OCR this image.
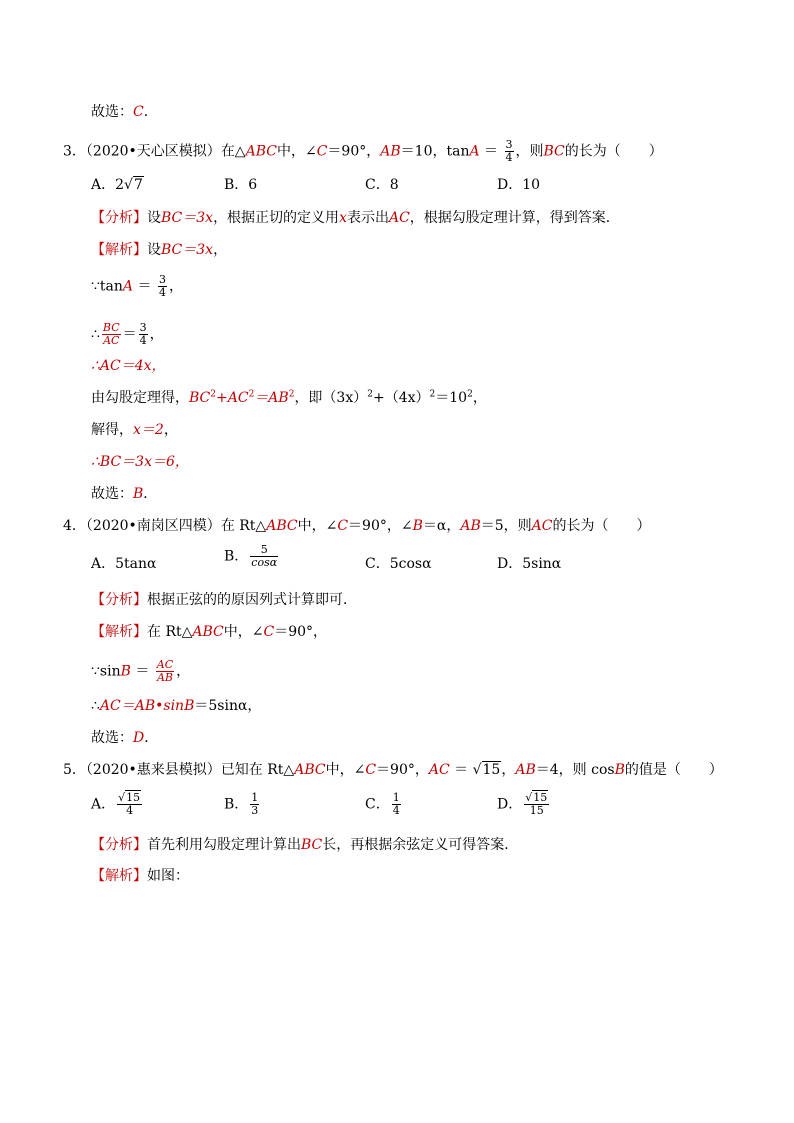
故选：C．
3．（2020•天心区模拟）在△ABC中，∠C＝90°，AB＝10，$\tan A = \frac{3}{4}$ ，则BC的长为（　　）
A．2√7	B．6	C．8	D．10
【分析】设BC＝3x，根据正切的定义用x表示出AC，根据勾股定理计算，得到答案．
【解析】设BC＝3x，
∵tanA ＝ $\frac{3}{4}$ ，
∴ $\frac{BC}{AC} = \frac{3}{4}$ ，
∴AC＝4x，
由勾股定理得，$BC^2+AC^2=AB^2$，即$(3x)^2+(4x)^2=10^2$，
解得，x＝2，
∴BC＝3x＝6，
故选：B．
4．（2020•南岗区四模）在 Rt△ABC中，∠C＝90°，∠B＝α，AB＝5，则AC的长为（　　）
A．5tanα	B． $\frac{5}{\cos\alpha}$	C．5cosα	D．5sinα
【分析】根据正弦的的原因列式计算即可．
【解析】在 Rt△ABC中，∠C＝90°，
∵sinB ＝ $\frac{AC}{AB}$ ，
∴AC＝AB•sinB＝5sinα，
故选：D．
5．（2020•惠来县模拟）已知在 Rt△ABC中，∠C＝90°，AC ＝ √15，AB＝4，则 cosB的值是（　　）
A． $\frac{√15}{4}$	B． $\frac{1}{3}$	C． $\frac{1}{4}$	D． $\frac{√15}{15}$
【分析】首先利用勾股定理计算出BC长，再根据余弦定义可得答案．
【解析】如图：
